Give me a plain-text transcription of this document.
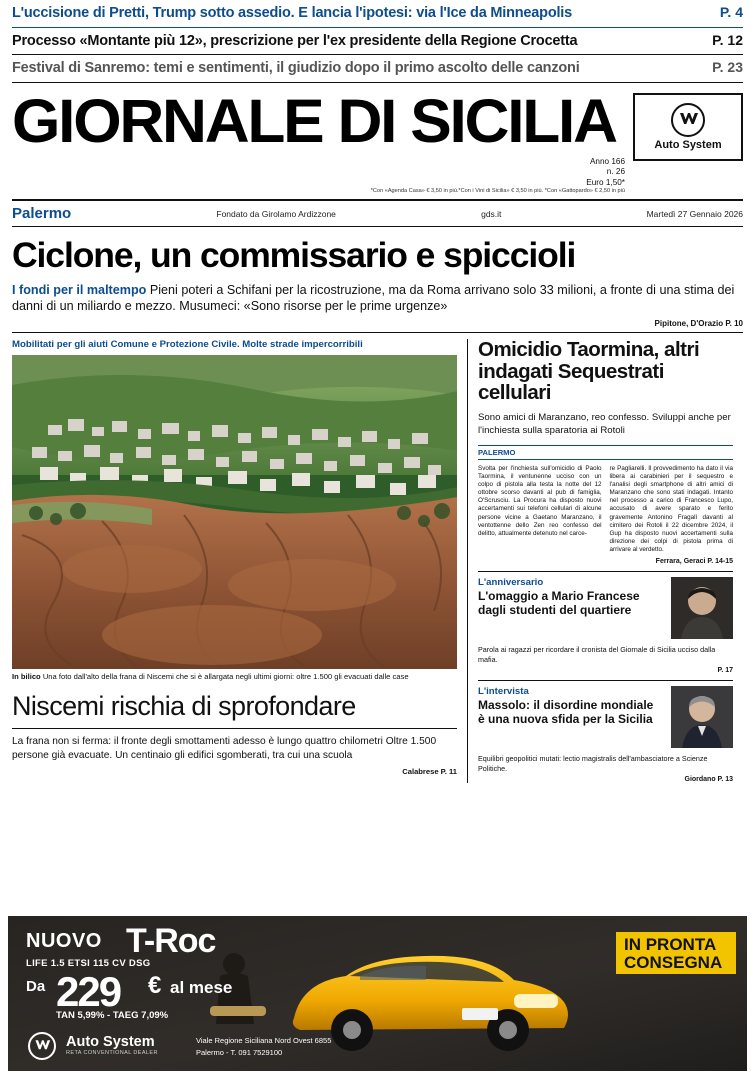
L'uccisione di Pretti, Trump sotto assedio. E lancia l'ipotesi: via l'Ice da Minneapolis	P. 4
Processo «Montante più 12», prescrizione per l'ex presidente della Regione Crocetta	P. 12
Festival di Sanremo: temi e sentimenti, il giudizio dopo il primo ascolto delle canzoni	P. 23
GIORNALE DI SICILIA	Auto System
Anno 166
n. 26
Euro 1,50*
*Con «Agenda Casa» € 3,50 in più.*Con i Vini di Sicilia» € 3,50 in più. *Con «Gattopardo» € 2,50 in più
Palermo	Fondato da Girolamo Ardizzone	gds.it	Martedì 27 Gennaio 2026
Ciclone, un commissario e spiccioli
I fondi per il maltempo Pieni poteri a Schifani per la ricostruzione, ma da Roma arrivano solo 33 milioni, a fronte di una stima dei danni di un miliardo e mezzo. Musumeci: «Sono risorse per le prime urgenze»
Pipitone, D'Orazio P. 10
Mobilitati per gli aiuti Comune e Protezione Civile. Molte strade impercorribili
In bilico Una foto dall'alto della frana di Niscemi che si è allargata negli ultimi giorni: oltre 1.500 gli evacuati dalle case
Niscemi rischia di sprofondare
La frana non si ferma: il fronte degli smottamenti adesso è lungo quattro chilometri Oltre 1.500 persone già evacuate. Un centinaio gli edifici sgomberati, tra cui una scuola
Calabrese P. 11
Omicidio Taormina, altri indagati Sequestrati cellulari
Sono amici di Maranzano, reo confesso. Sviluppi anche per l'inchiesta sulla sparatoria ai Rotoli
PALERMO

Svolta per l'inchiesta sull'omicidio di Paolo Taormina, il ventunenne ucciso con un colpo di pistola alla testa la notte del 12 ottobre scorso davanti al pub di famiglia, O'Scrusciu. La Procura ha disposto nuovi accertamenti sui telefoni cellulari di alcune persone vicine a Gaetano Maranzano, il ventottenne dello Zen reo confesso del delitto, attualmente detenuto nel carce-

re Pagliarelli. Il provvedimento ha dato il via libera ai carabinieri per il sequestro e l'analisi degli smartphone di altri amici di Maranzano che sono stati indagati. Intanto nel processo a carico di Francesco Lupo, accusato di avere sparato e ferito gravemente Antonino Fragalì davanti al cimitero dei Rotoli il 22 dicembre 2024, il Gup ha disposto nuovi accertamenti sulla direzione dei colpi di pistola prima di arrivare al verdetto.

Ferrara, Geraci P. 14-15
L'anniversario
L'omaggio a Mario Francese dagli studenti del quartiere
Parola ai ragazzi per ricordare il cronista del Giornale di Sicilia ucciso dalla mafia.
P. 17
L'intervista
Massolo: il disordine mondiale è una nuova sfida per la Sicilia
Equilibri geopolitici mutati: lectio magistralis dell'ambasciatore a Scienze Politiche.
Giordano P. 13
NUOVO T-Roc
LIFE 1.5 ETSI 115 CV DSG
Da 229 € al mese
TAN 5,99% - TAEG 7,09%
IN PRONTA
CONSEGNA
Auto System
RETA CONVENTIONAL DEALER
Viale Regione Siciliana Nord Ovest 6855
Palermo - T. 091 7529100
